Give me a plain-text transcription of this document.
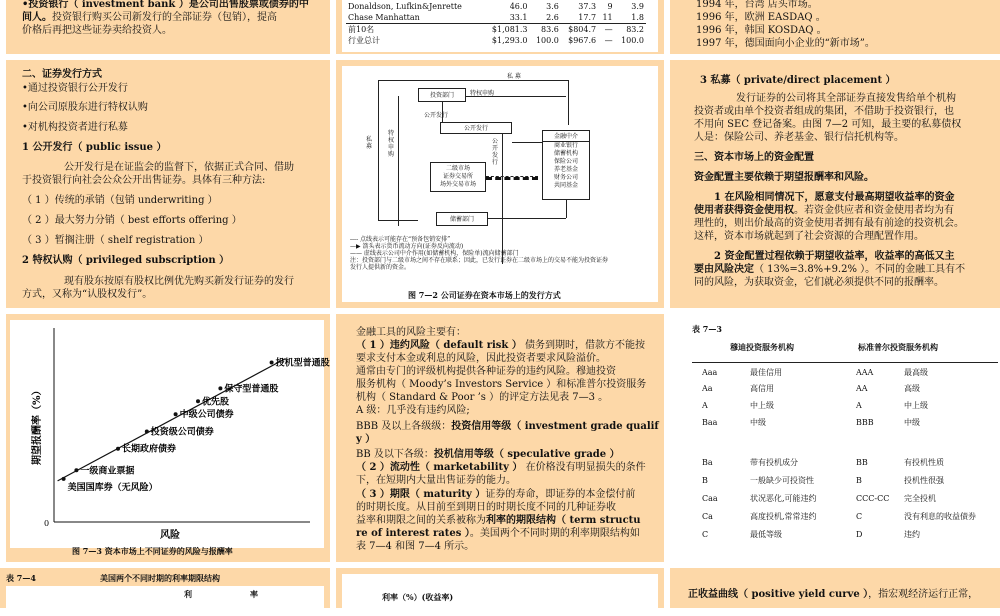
•投资银行（ investment bank ）是公司出售股票或债券的中

间人。投资银行购买公司新发行的全部证券（包销），提高

价格后再把这些证券卖给投资人。

Donaldson, Lufkin&Jenrette	46.0	3.6	37.3	9	3.9
Chase Manhattan	33.1	2.6	17.7	11	1.8
前10名	$1,081.3	83.6	$804.7	—	83.2
行业总计	$1,293.0	100.0	$967.6	—	100.0

1994 年，台湾 店头市场。

1996 年，欧洲 EASDAQ 。

1996 年，韩国 KOSDAQ 。

1997 年，德国面向小企业的“新市场”。

二、证券发行方式

•通过投资银行公开发行

•向公司原股东进行特权认购

•对机构投资者进行私募

1 公开发行（ public issue ）

公开发行是在证监会的监督下，依据正式合同、借助

于投资银行向社会公众公开出售证券。具体有三种方法:

（ 1 ）传统的承销（包销 underwriting ）

（ 2 ）最大努力分销（ best efforts offering ）

（ 3 ）暂搁注册（ shelf registration ）

2 特权认购（ privileged subscription ）

现有股东按原有股权比例优先购买新发行证券的发行

方式，又称为“认股权发行”。

私 募
私募
投资部门	特权申购
特权申购
公开发行
公开发行
公开发行
二级市场
证券交易所
场外交易市场
金融中介
商业银行
储蓄机构
保险公司
养老基金
财务公司
共同基金
储蓄部门
---- 点线表示可能存在“预备包销安排”
—▶ 箭头表示货币流动方向(证券反向流动)
—— 虚线表示公司中介作用(如储蓄机构、保险单)流向储蓄部门
注：投资部门与二级市场之间不存在联系；因此，已发行证券在二级市场上的交易不能为投资证券
发行人提供新的资金。

图 7—2 公司证券在资本市场上的发行方式

3 私募（ private/direct placement ）

发行证券的公司将其全部证券直接发售给单个机构

投资者或由单个投资者组成的集团，不借助于投资银行，也

不用向 SEC 登记备案。由图 7—2 可知，最主要的私募债权

人是：保险公司、养老基金、银行信托机构等。

三、资本市场上的资金配置

资金配置主要依赖于期望报酬率和风险。

1 在风险相同情况下，愿意支付最高期望收益率的资金

使用者获得资金使用权。若资金供应者和资金使用者均为有

理性的，则出价最高的资金使用者拥有最有前途的投资机会。

这样，资本市场就起到了社会资源的合理配置作用。

2 资金配置过程依赖于期望收益率，收益率的高低又主

要由风险决定（ 13%=3.8%+9.2% ）。不同的金融工具有不

同的风险，为获取资金，它们就必须提供不同的报酬率。

期望报酬率（%）
风险
0
美国国库券（无风险）
一级商业票据
长期政府债券
投资级公司债券
中级公司债券
优先股
保守型普通股
投机型普通股

图 7—3 资本市场上不同证券的风险与报酬率

金融工具的风险主要有：

（ 1 ）违约风险（ default risk ） 债务到期时，借款方不能按

要求支付本金或利息的风险，因此投资者要求风险溢价。

通常由专门的评级机构提供各种证券的违约风险。穆迪投资

服务机构（ Moody’s Investors Service ）和标准普尔投资服务

机构（ Standard & Poor ’s ）的评定方法见表 7—3 。

A 级：几乎没有违约风险;

BBB 及以上各级级：投资信用等级（ investment grade qualif

y ）

BB 及以下各级：投机信用等级（ speculative grade ）

（ 2 ）流动性（ marketability ） 在价格没有明显损失的条件

下，在短期内大量出售证券的能力。

（ 3 ）期限（ maturity ）证券的寿命，即证券的本金偿付前

的时期长度。从目前至到期日的时期长度不同的几种证券收

益率和期限之间的关系被称为利率的期限结构（ term structu

re of interest rates ）。美国两个不同时期的利率期限结构如

表 7—4 和图 7—4 所示。

表 7—3

穆迪投资服务机构	标准普尔投资服务机构

Aaa	最佳信用	AAA	最高级
Aa	高信用	AA	高级
A	中上级	A	中上级
Baa	中级	BBB	中级
Ba	带有投机成分	BB	有投机性质
B	一般缺少可投资性	B	投机性很强
Caa	状况恶化,可能违约	CCC-CC 完全投机
Ca	高度投机,常常违约	C	没有利息的收益债券
C	最低等级	D	违约

表 7—4	美国两个不同时期的利率期限结构

利	率	利率（%）(收益率)	正收益曲线（ positive yield curve ），指宏观经济运行正常，
